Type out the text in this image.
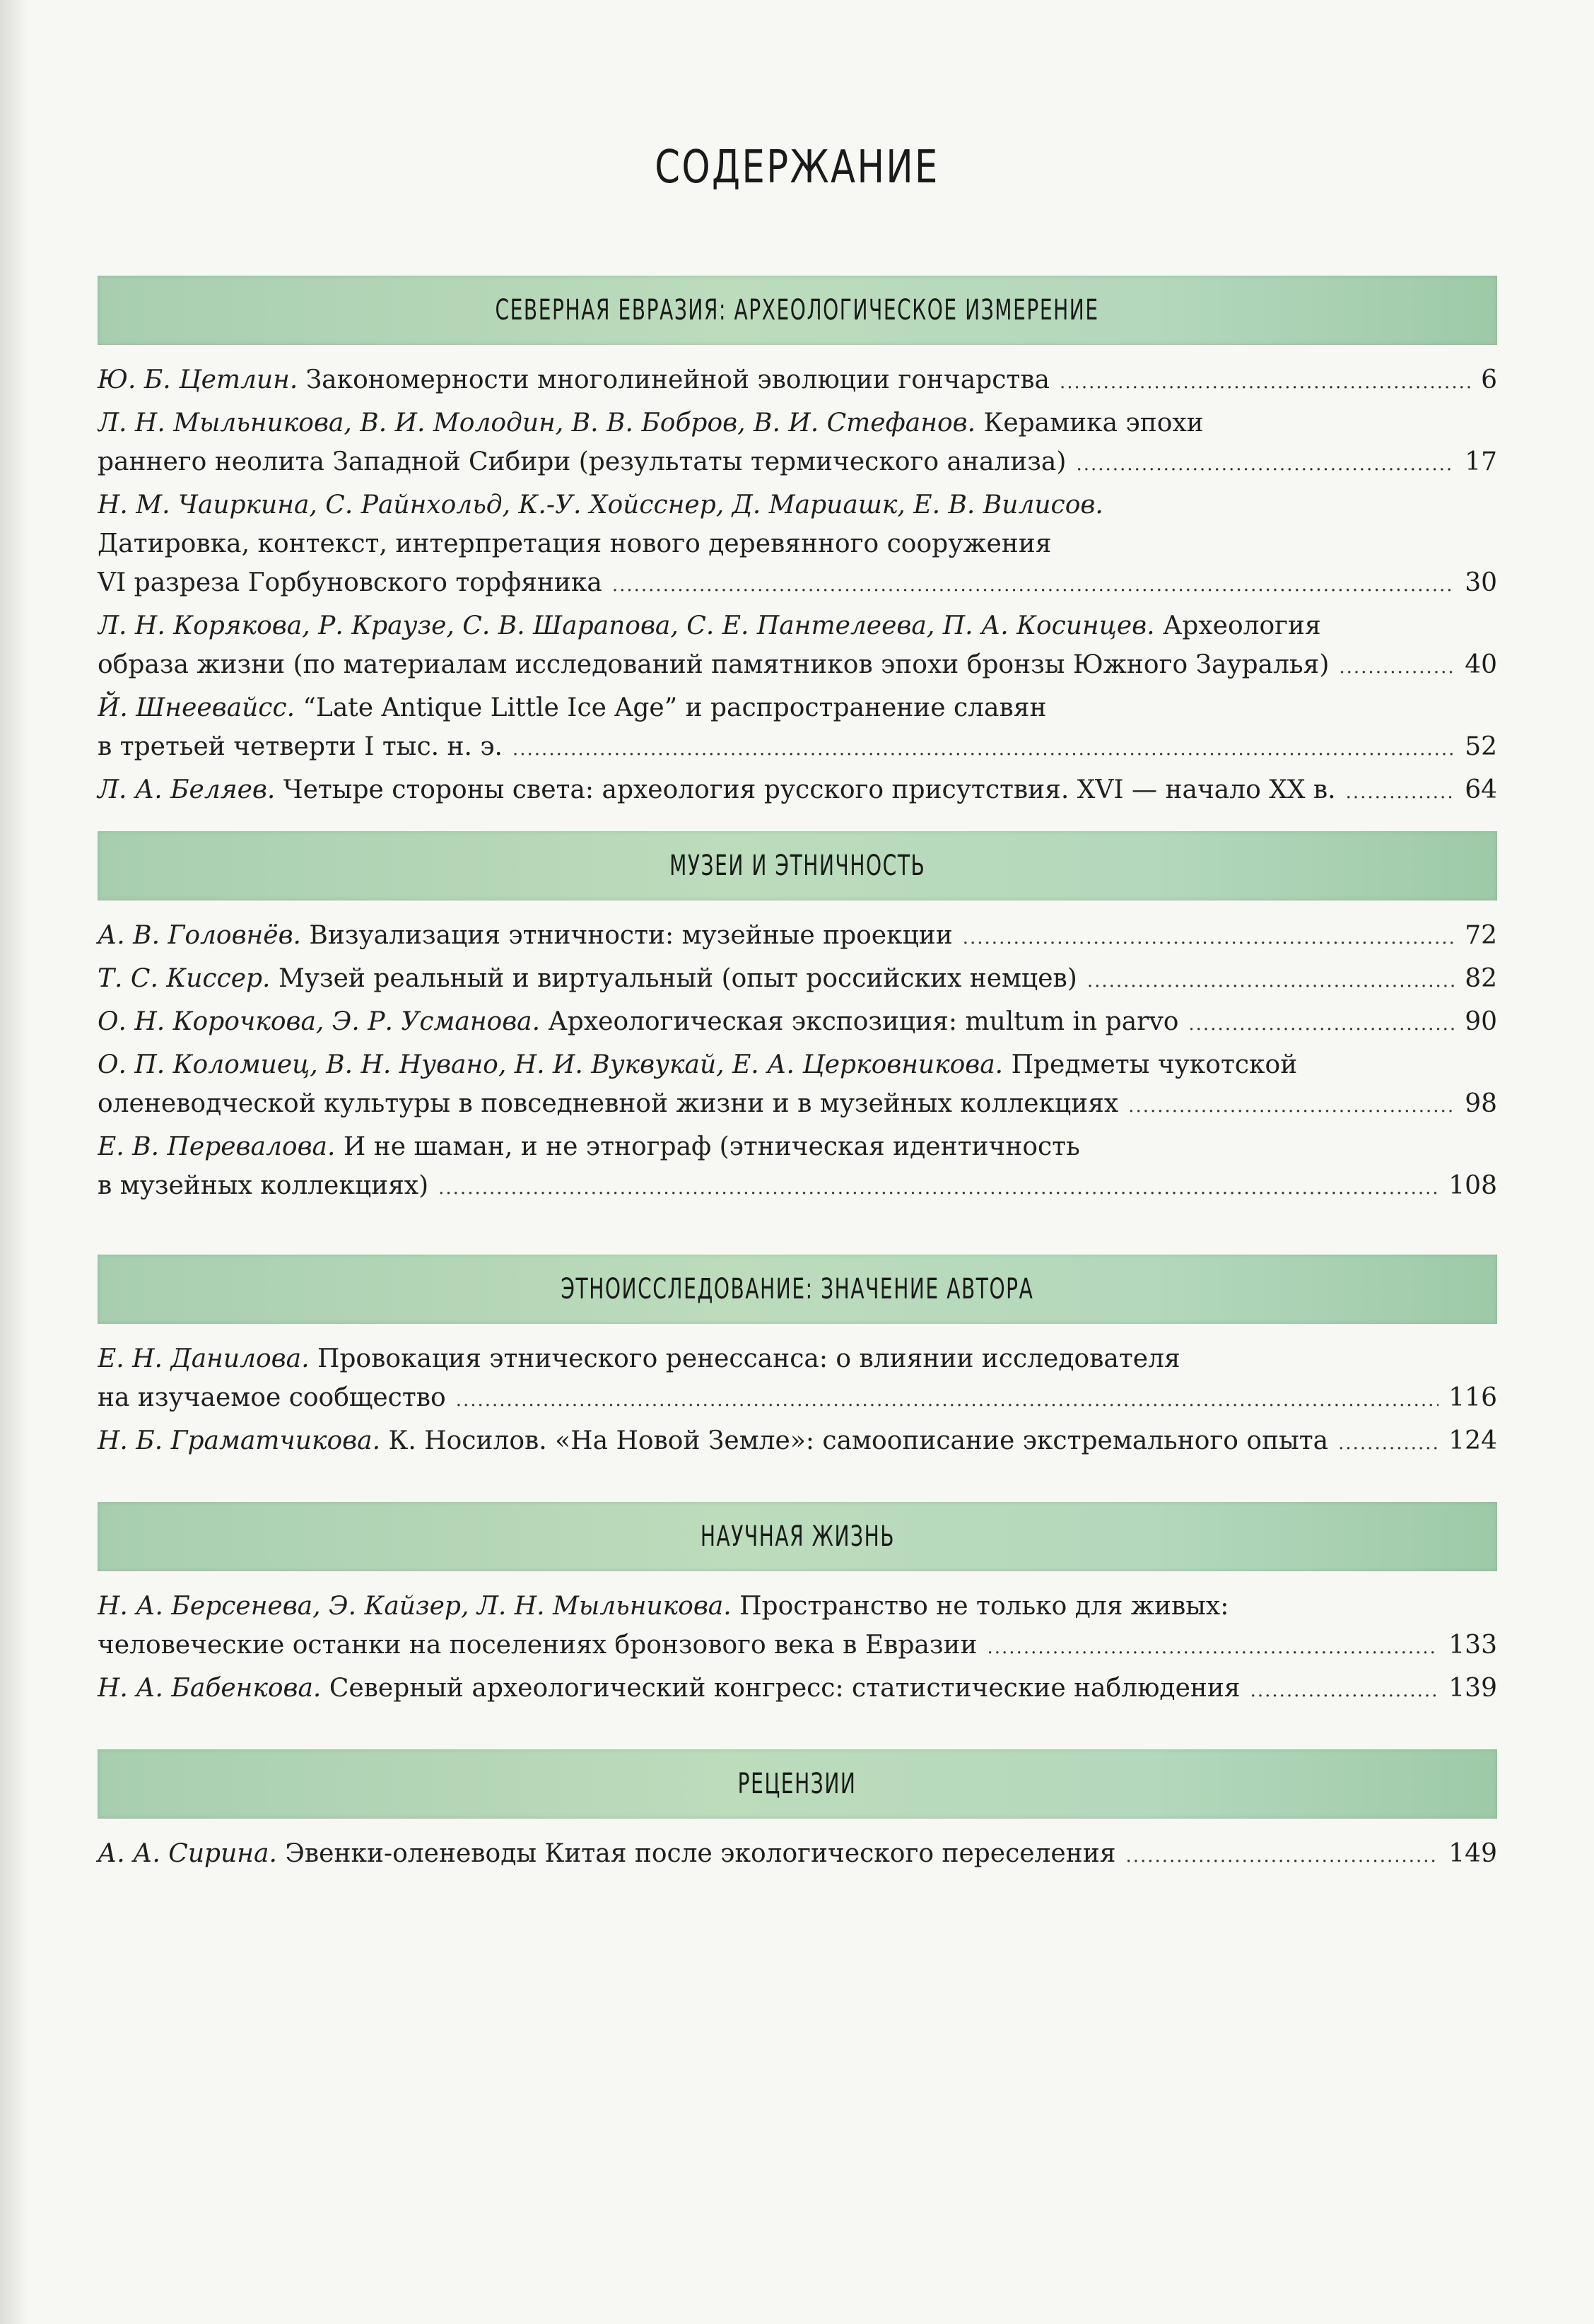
СОДЕРЖАНИЕ
СЕВЕРНАЯ ЕВРАЗИЯ: АРХЕОЛОГИЧЕСКОЕ ИЗМЕРЕНИЕ
Ю. Б. Цетлин. Закономерности многолинейной эволюции гончарства .....	6
Л. Н. Мыльникова, В. И. Молодин, В. В. Бобров, В. И. Стефанов. Керамика эпохи
раннего неолита Западной Сибири (результаты термического анализа) .....	17
Н. М. Чаиркина, С. Райнхольд, К.-У. Хойсснер, Д. Мариашк, Е. В. Вилисов.
Датировка, контекст, интерпретация нового деревянного сооружения
VI разреза Горбуновского торфяника .....	30
Л. Н. Корякова, Р. Краузе, С. В. Шарапова, С. Е. Пантелеева, П. А. Косинцев. Археология
образа жизни (по материалам исследований памятников эпохи бронзы Южного Зауралья) .....	40
Й. Шнеевайсс. “Late Antique Little Ice Age” и распространение славян
в третьей четверти I тыс. н. э. .....	52
Л. А. Беляев. Четыре стороны света: археология русского присутствия. XVI — начало XX в. .....	64
МУЗЕИ И ЭТНИЧНОСТЬ
А. В. Головнёв. Визуализация этничности: музейные проекции .....	72
Т. С. Киссер. Музей реальный и виртуальный (опыт российских немцев) .....	82
О. Н. Корочкова, Э. Р. Усманова. Археологическая экспозиция: multum in parvo .....	90
О. П. Коломиец, В. Н. Нувано, Н. И. Вуквукай, Е. А. Церковникова. Предметы чукотской
оленеводческой культуры в повседневной жизни и в музейных коллекциях .....	98
Е. В. Перевалова. И не шаман, и не этнограф (этническая идентичность
в музейных коллекциях) .....	108
ЭТНОИССЛЕДОВАНИЕ: ЗНАЧЕНИЕ АВТОРА
Е. Н. Данилова. Провокация этнического ренессанса: о влиянии исследователя
на изучаемое сообщество .....	116
Н. Б. Граматчикова. К. Носилов. «На Новой Земле»: самоописание экстремального опыта .....	124
НАУЧНАЯ ЖИЗНЬ
Н. А. Берсенева, Э. Кайзер, Л. Н. Мыльникова. Пространство не только для живых:
человеческие останки на поселениях бронзового века в Евразии .....	133
Н. А. Бабенкова. Северный археологический конгресс: статистические наблюдения .....	139
РЕЦЕНЗИИ
А. А. Сирина. Эвенки-оленеводы Китая после экологического переселения .....	149
